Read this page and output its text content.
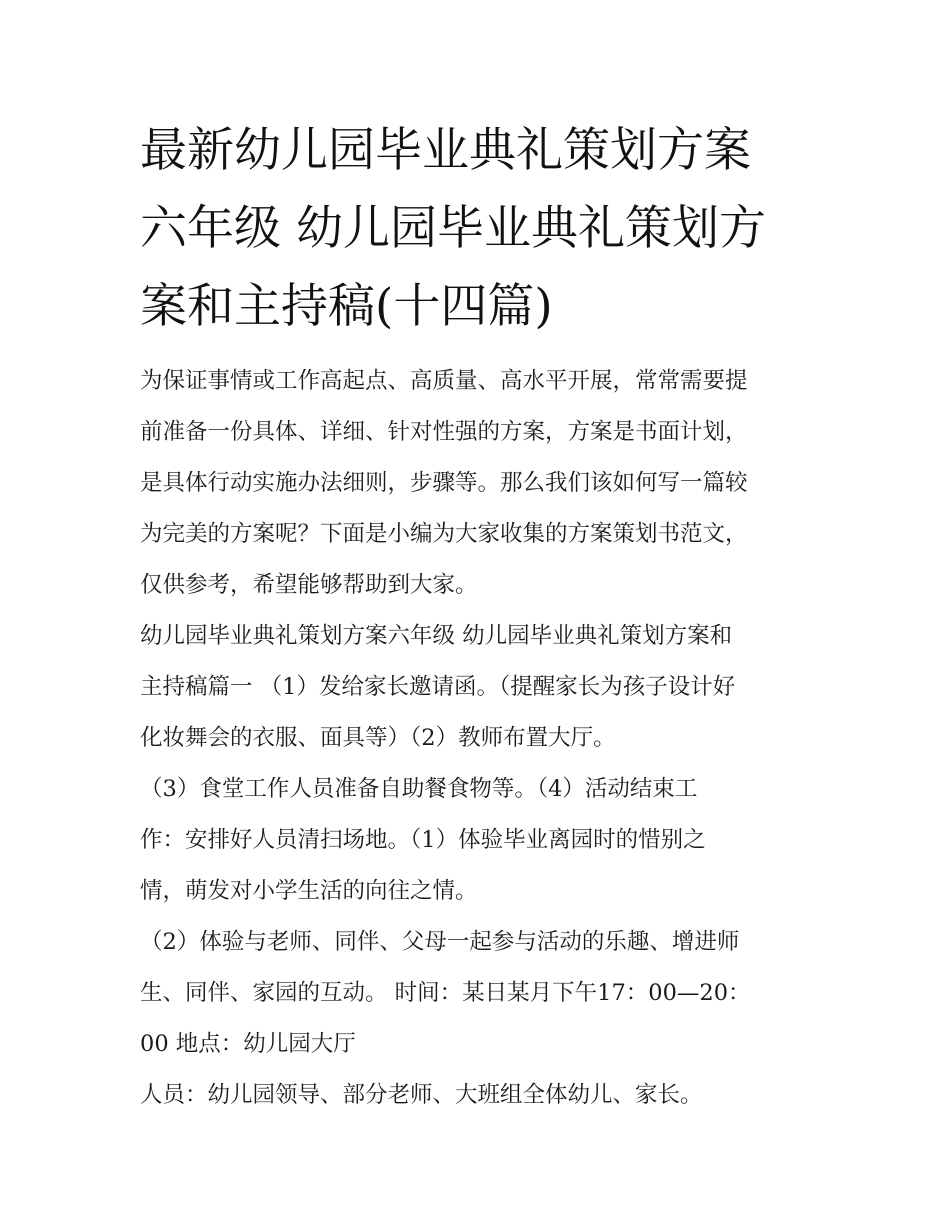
最新幼儿园毕业典礼策划方案
六年级 幼儿园毕业典礼策划方
案和主持稿(十四篇)
为保证事情或工作高起点、高质量、高水平开展，常常需要提
前准备一份具体、详细、针对性强的方案，方案是书面计划，
是具体行动实施办法细则，步骤等。那么我们该如何写一篇较
为完美的方案呢？下面是小编为大家收集的方案策划书范文，
仅供参考，希望能够帮助到大家。
幼儿园毕业典礼策划方案六年级 幼儿园毕业典礼策划方案和
主持稿篇一 （1）发给家长邀请函。（提醒家长为孩子设计好
化妆舞会的衣服、面具等）（2）教师布置大厅。
（3）食堂工作人员准备自助餐食物等。（4）活动结束工
作：安排好人员清扫场地。（1）体验毕业离园时的惜别之
情，萌发对小学生活的向往之情。
（2）体验与老师、同伴、父母一起参与活动的乐趣、增进师
生、同伴、家园的互动。 时间：某日某月下午17：00—20：
00 地点：幼儿园大厅
人员：幼儿园领导、部分老师、大班组全体幼儿、家长。
